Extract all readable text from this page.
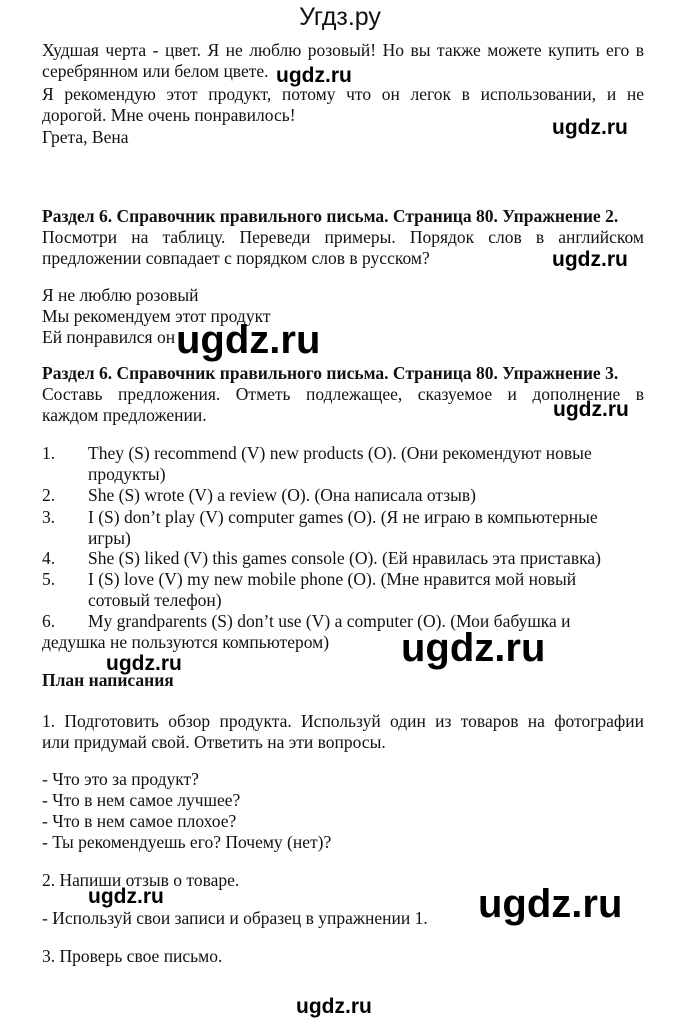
Угдз.ру
Худшая черта - цвет. Я не люблю розовый! Но вы также можете купить его в
серебрянном или белом цвете.
Я рекомендую этот продукт, потому что он легок в использовании, и не
дорогой. Мне очень понравилось!
Грета, Вена
Раздел 6. Справочник правильного письма. Страница 80. Упражнение 2.
Посмотри на таблицу. Переведи примеры. Порядок слов в английском
предложении совпадает с порядком слов в русском?
Я не люблю розовый
Мы рекомендуем этот продукт
Ей понравился он
Раздел 6. Справочник правильного письма. Страница 80. Упражнение 3.
Составь предложения. Отметь подлежащее, сказуемое и дополнение в
каждом предложении.
1. They (S) recommend (V) new products (O). (Они рекомендуют новые
продукты)
2. She (S) wrote (V) a review (O). (Она написала отзыв)
3. I (S) don’t play (V) computer games (O). (Я не играю в компьютерные
игры)
4. She (S) liked (V) this games console (O). (Ей нравилась эта приставка)
5. I (S) love (V) my new mobile phone (O). (Мне нравится мой новый
сотовый телефон)
6. My grandparents (S) don’t use (V) a computer (O). (Мои бабушка и
дедушка не пользуются компьютером)
План написания
1. Подготовить обзор продукта. Используй один из товаров на фотографии
или придумай свой. Ответить на эти вопросы.
- Что это за продукт?
- Что в нем самое лучшее?
- Что в нем самое плохое?
- Ты рекомендуешь его? Почему (нет)?
2. Напиши отзыв о товаре.
- Используй свои записи и образец в упражнении 1.
3. Проверь свое письмо.
ugdz.ru
ugdz.ru
ugdz.ru
ugdz.ru
ugdz.ru
ugdz.ru
ugdz.ru
ugdz.ru	ugdz.ru
ugdz.ru
